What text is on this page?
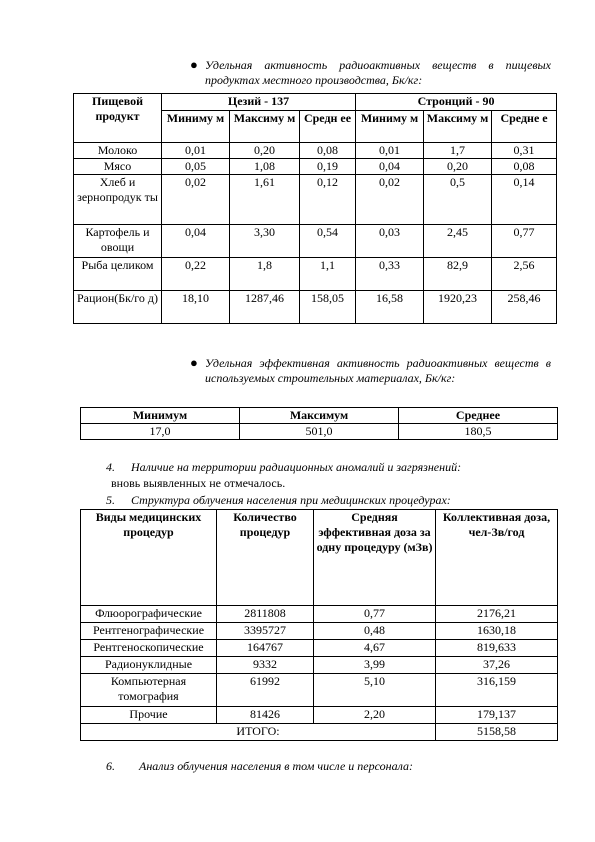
● Удельная активность радиоактивных веществ в пищевых продуктах местного производства, Бк/кг:
Пищевой продукт	Цезий - 137			Стронций - 90		
	Миниму м	Максиму м	Средн ее	Миниму м	Максиму м	Средне е
Молоко	0,01	0,20	0,08	0,01	1,7	0,31
Мясо	0,05	1,08	0,19	0,04	0,20	0,08
Хлеб и зернопродук ты	0,02	1,61	0,12	0,02	0,5	0,14
Картофель и овощи	0,04	3,30	0,54	0,03	2,45	0,77
Рыба целиком	0,22	1,8	1,1	0,33	82,9	2,56
Рацион(Бк/го д)	18,10	1287,46	158,05	16,58	1920,23	258,46
● Удельная эффективная активность радиоактивных веществ в используемых строительных материалах, Бк/кг:
Минимум	Максимум	Среднее
17,0	501,0	180,5
4.	Наличие на территории радиационных аномалий и загрязнений:
вновь выявленных не отмечалось.
5.	Структура облучения населения при медицинских процедурах:
Виды медицинских процедур	Количество процедур	Средняя эффективная доза за одну процедуру (мЗв)	Коллективная доза, чел-Зв/год
Флюорографические	2811808	0,77	2176,21
Рентгенографические	3395727	0,48	1630,18
Рентгеноскопические	164767	4,67	819,633
Радионуклидные	9332	3,99	37,26
Компьютерная томография	61992	5,10	316,159
Прочие	81426	2,20	179,137
ИТОГО:			5158,58
6.	Анализ облучения населения в том числе и персонала:
